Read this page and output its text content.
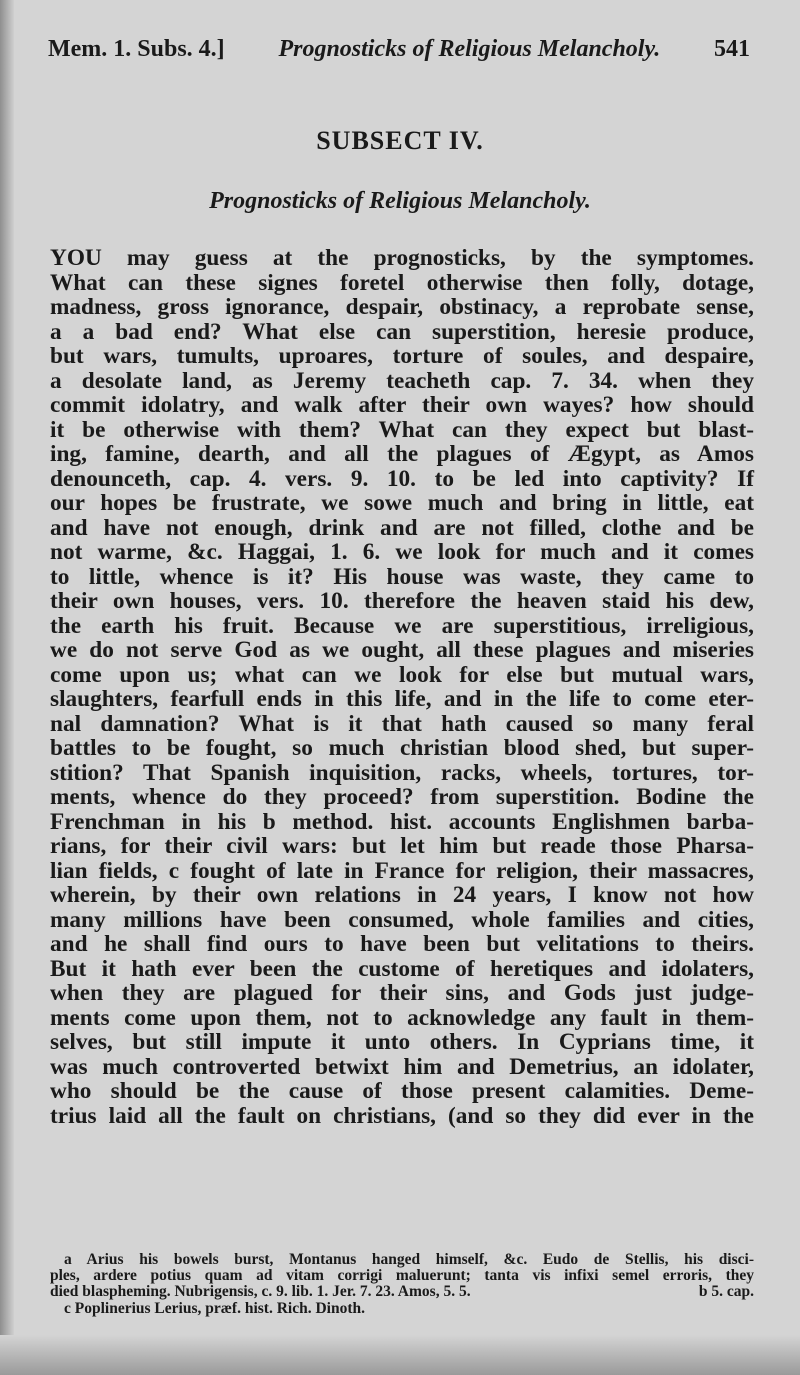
Mem. 1. Subs. 4.] Prognosticks of Religious Melancholy. 541
SUBSECT IV.
Prognosticks of Religious Melancholy.
YOU may guess at the prognosticks, by the symptomes.
What can these signes foretel otherwise then folly, dotage,
madness, gross ignorance, despair, obstinacy, a reprobate sense,
a a bad end? What else can superstition, heresie produce,
but wars, tumults, uproares, torture of soules, and despaire,
a desolate land, as Jeremy teacheth cap. 7. 34. when they
commit idolatry, and walk after their own wayes? how should
it be otherwise with them? What can they expect but blast-
ing, famine, dearth, and all the plagues of Ægypt, as Amos
denounceth, cap. 4. vers. 9. 10. to be led into captivity? If
our hopes be frustrate, we sowe much and bring in little, eat
and have not enough, drink and are not filled, clothe and be
not warme, &c. Haggai, 1. 6. we look for much and it comes
to little, whence is it? His house was waste, they came to
their own houses, vers. 10. therefore the heaven staid his dew,
the earth his fruit. Because we are superstitious, irreligious,
we do not serve God as we ought, all these plagues and miseries
come upon us; what can we look for else but mutual wars,
slaughters, fearfull ends in this life, and in the life to come eter-
nal damnation? What is it that hath caused so many feral
battles to be fought, so much christian blood shed, but super-
stition? That Spanish inquisition, racks, wheels, tortures, tor-
ments, whence do they proceed? from superstition. Bodine the
Frenchman in his b method. hist. accounts Englishmen barba-
rians, for their civil wars: but let him but reade those Pharsa-
lian fields, c fought of late in France for religion, their massacres,
wherein, by their own relations in 24 years, I know not how
many millions have been consumed, whole families and cities,
and he shall find ours to have been but velitations to theirs.
But it hath ever been the custome of heretiques and idolaters,
when they are plagued for their sins, and Gods just judge-
ments come upon them, not to acknowledge any fault in them-
selves, but still impute it unto others. In Cyprians time, it
was much controverted betwixt him and Demetrius, an idolater,
who should be the cause of those present calamities. Deme-
trius laid all the fault on christians, (and so they did ever in the
a Arius his bowels burst, Montanus hanged himself, &c. Eudo de Stellis, his disci-
ples, ardere potius quam ad vitam corrigi maluerunt; tanta vis infixi semel erroris, they
died blaspheming. Nubrigensis, c. 9. lib. 1. Jer. 7. 23. Amos, 5. 5.	b 5. cap.
c Poplinerius Lerius, præf. hist. Rich. Dinoth.
